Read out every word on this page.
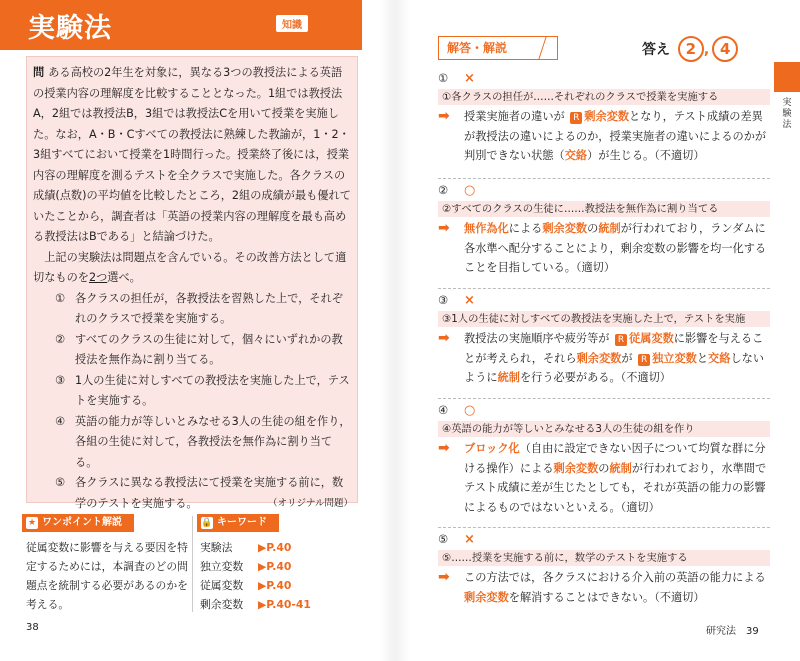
実験法	知識

問 ある高校の2年生を対象に，異なる3つの教授法による英語の授業内容の理解度を比較することとなった。1組では教授法A，2組では教授法B，3組では教授法Cを用いて授業を実施した。なお，A・B・Cすべての教授法に熟練した教諭が，1・2・3組すべてにおいて授業を1時間行った。授業終了後には，授業内容の理解度を測るテストを全クラスで実施した。各クラスの成績(点数)の平均値を比較したところ，2組の成績が最も優れていたことから，調査者は「英語の授業内容の理解度を最も高める教授法はBである」と結論づけた。

　上記の実験法は問題点を含んでいる。その改善方法として適切なものを2つ選べ。

① 各クラスの担任が，各教授法を習熟した上で，それぞれのクラスで授業を実施する。
② すべてのクラスの生徒に対して，個々にいずれかの教授法を無作為に割り当てる。
③ 1人の生徒に対しすべての教授法を実施した上で，テストを実施する。
④ 英語の能力が等しいとみなせる3人の生徒の組を作り，各組の生徒に対して，各教授法を無作為に割り当てる。
⑤ 各クラスに異なる教授法にて授業を実施する前に，数学のテストを実施する。	（オリジナル問題）
★ ワンポイント解説
従属変数に影響を与える要因を特定するためには，本調査のどの問題点を統制する必要があるのかを考える。
🔒 キーワード
実験法	▶P.40
独立変数	▶P.40
従属変数	▶P.40
剰余変数	▶P.40-41
38
解答・解説	答え 2 , 4
実験法
①	×
①各クラスの担任が……それぞれのクラスで授業を実施する
➡	授業実施者の違いが R 剰余変数となり，テスト成績の差異が教授法の違いによるのか，授業実施者の違いによるのかが判別できない状態（交絡）が生じる。（不適切）
②	○
②すべてのクラスの生徒に……教授法を無作為に割り当てる
➡	無作為化による剰余変数の統制が行われており，ランダムに各水準へ配分することにより，剰余変数の影響を均一化することを目指している。（適切）
③	×
③1人の生徒に対しすべての教授法を実施した上で，テストを実施
➡	教授法の実施順序や疲労等が R 従属変数に影響を与えることが考えられ，それら剰余変数が R 独立変数と交絡しないように統制を行う必要がある。（不適切）
④	○
④英語の能力が等しいとみなせる3人の生徒の組を作り
➡	ブロック化（自由に設定できない因子について均質な群に分ける操作）による剰余変数の統制が行われており，水準間でテスト成績に差が生じたとしても，それが英語の能力の影響によるものではないといえる。（適切）
⑤	×
⑤……授業を実施する前に，数学のテストを実施する
➡	この方法では，各クラスにおける介入前の英語の能力による剰余変数を解消することはできない。（不適切）
研究法　 39
